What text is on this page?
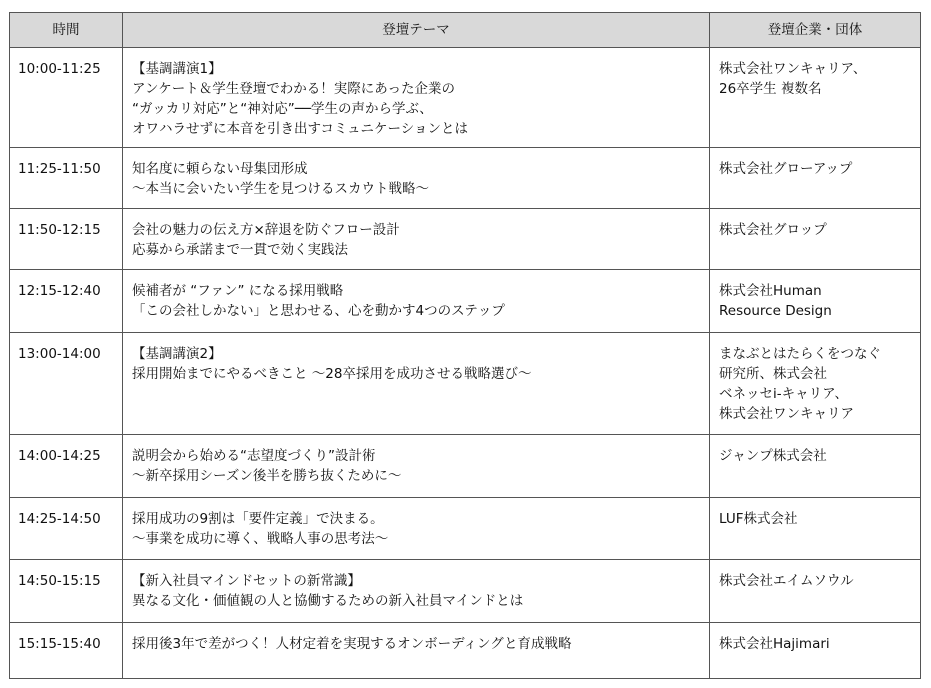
時間	登壇テーマ	登壇企業・団体
10:00-11:25	【基調講演1】
アンケート＆学生登壇でわかる！実際にあった企業の
“ガッカリ対応”と“神対応”──学生の声から学ぶ、
オワハラせずに本音を引き出すコミュニケーションとは	株式会社ワンキャリア、
26卒学生 複数名

11:25-11:50	知名度に頼らない母集団形成
～本当に会いたい学生を見つけるスカウト戦略～	株式会社グローアップ

11:50-12:15	会社の魅力の伝え方×辞退を防ぐフロー設計
応募から承諾まで一貫で効く実践法	株式会社グロップ

12:15-12:40	候補者が “ファン” になる採用戦略
「この会社しかない」と思わせる、心を動かす4つのステップ	株式会社Human
Resource Design

13:00-14:00	【基調講演2】
採用開始までにやるべきこと ～28卒採用を成功させる戦略選び～	まなぶとはたらくをつなぐ
研究所、株式会社
ベネッセi-キャリア、
株式会社ワンキャリア

14:00-14:25	説明会から始める“志望度づくり”設計術
～新卒採用シーズン後半を勝ち抜くために～	ジャンプ株式会社

14:25-14:50	採用成功の9割は「要件定義」で決まる。
～事業を成功に導く、戦略人事の思考法～	LUF株式会社

14:50-15:15	【新入社員マインドセットの新常識】
異なる文化・価値観の人と協働するための新入社員マインドとは	株式会社エイムソウル

15:15-15:40	採用後3年で差がつく！人材定着を実現するオンボーディングと育成戦略	株式会社Hajimari
